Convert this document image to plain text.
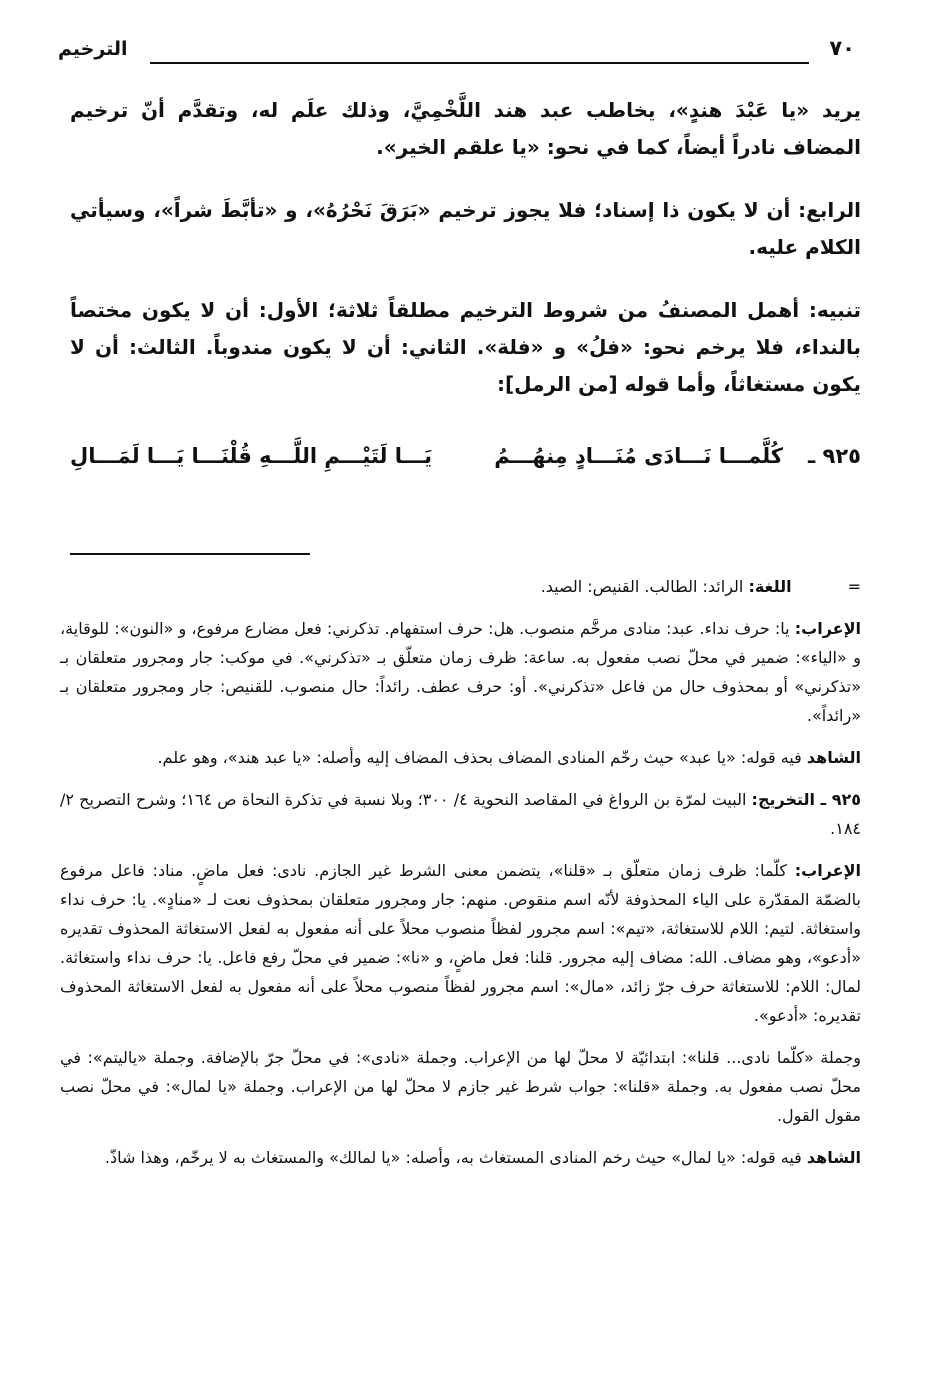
٧٠
الترخيم

يريد «يا عَبْدَ هندٍ»، يخاطب عبد هند اللَّخْمِيَّ، وذلك علَم له، وتقدَّم أنّ ترخيم المضاف نادراً أيضاً، كما في نحو: «يا علقم الخير».

الرابع: أن لا يكون ذا إسناد؛ فلا يجوز ترخيم «بَرَقَ نَحْرُهُ»، و «تأبَّطَ شراً»، وسيأتي الكلام عليه.

تنبيه: أهمل المصنفُ من شروط الترخيم مطلقاً ثلاثة؛ الأول: أن لا يكون مختصاً بالنداء، فلا يرخم نحو: «فلُ» و «فلة». الثاني: أن لا يكون مندوباً. الثالث: أن لا يكون مستغاثاً، وأما قوله [من الرمل]:

٩٢٥ ـ
كُلَّمـــا نَـــادَى مُنَـــادٍ مِنهُـــمُ
يَـــا لَتَيْـــمِ اللَّـــهِ قُلْنَـــا يَـــا لَمَـــالِ

=اللغة: الرائد: الطالب. القنيص: الصيد.

الإعراب: يا: حرف نداء. عبد: منادى مرخَّم منصوب. هل: حرف استفهام. تذكرني: فعل مضارع مرفوع، و «النون»: للوقاية، و «الياء»: ضمير في محلّ نصب مفعول به. ساعة: ظرف زمان متعلّق بـ «تذكرني». في موكب: جار ومجرور متعلقان بـ «تذكرني» أو بمحذوف حال من فاعل «تذكرني». أو: حرف عطف. رائداً: حال منصوب. للقنيص: جار ومجرور متعلقان بـ «رائداً».

الشاهد فيه قوله: «يا عبد» حيث رخّم المنادى المضاف بحذف المضاف إليه وأصله: «يا عبد هند»، وهو علم.

٩٢٥ ـ التخريج: البيت لمرّة بن الرواغ في المقاصد النحوية ٤/ ٣٠٠؛ وبلا نسبة في تذكرة النحاة ص ١٦٤؛ وشرح التصريح ٢/ ١٨٤.

الإعراب: كلّما: ظرف زمان متعلّق بـ «قلنا»، يتضمن معنى الشرط غير الجازم. نادى: فعل ماضٍ. مناد: فاعل مرفوع بالضمّة المقدّرة على الياء المحذوفة لأنّه اسم منقوص. منهم: جار ومجرور متعلقان بمحذوف نعت لـ «منادٍ». يا: حرف نداء واستغاثة. لتيم: اللام للاستغاثة، «تيم»: اسم مجرور لفظاً منصوب محلاً على أنه مفعول به لفعل الاستغاثة المحذوف تقديره «أدعو»، وهو مضاف. الله: مضاف إليه مجرور. قلنا: فعل ماضٍ، و «نا»: ضمير في محلّ رفع فاعل. يا: حرف نداء واستغاثة. لمال: اللام: للاستغاثة حرف جرّ زائد، «مال»: اسم مجرور لفظاً منصوب محلاً على أنه مفعول به لفعل الاستغاثة المحذوف تقديره: «أدعو».

وجملة «كلّما نادى... قلنا»: ابتدائيّة لا محلّ لها من الإعراب. وجملة «نادى»: في محلّ جرّ بالإضافة. وجملة «ياليتم»: في محلّ نصب مفعول به. وجملة «قلنا»: جواب شرط غير جازم لا محلّ لها من الإعراب. وجملة «يا لمال»: في محلّ نصب مقول القول.

الشاهد فيه قوله: «يا لمال» حيث رخم المنادى المستغاث به، وأصله: «يا لمالك» والمستغاث به لا يرخّم، وهذا شاذّ.
